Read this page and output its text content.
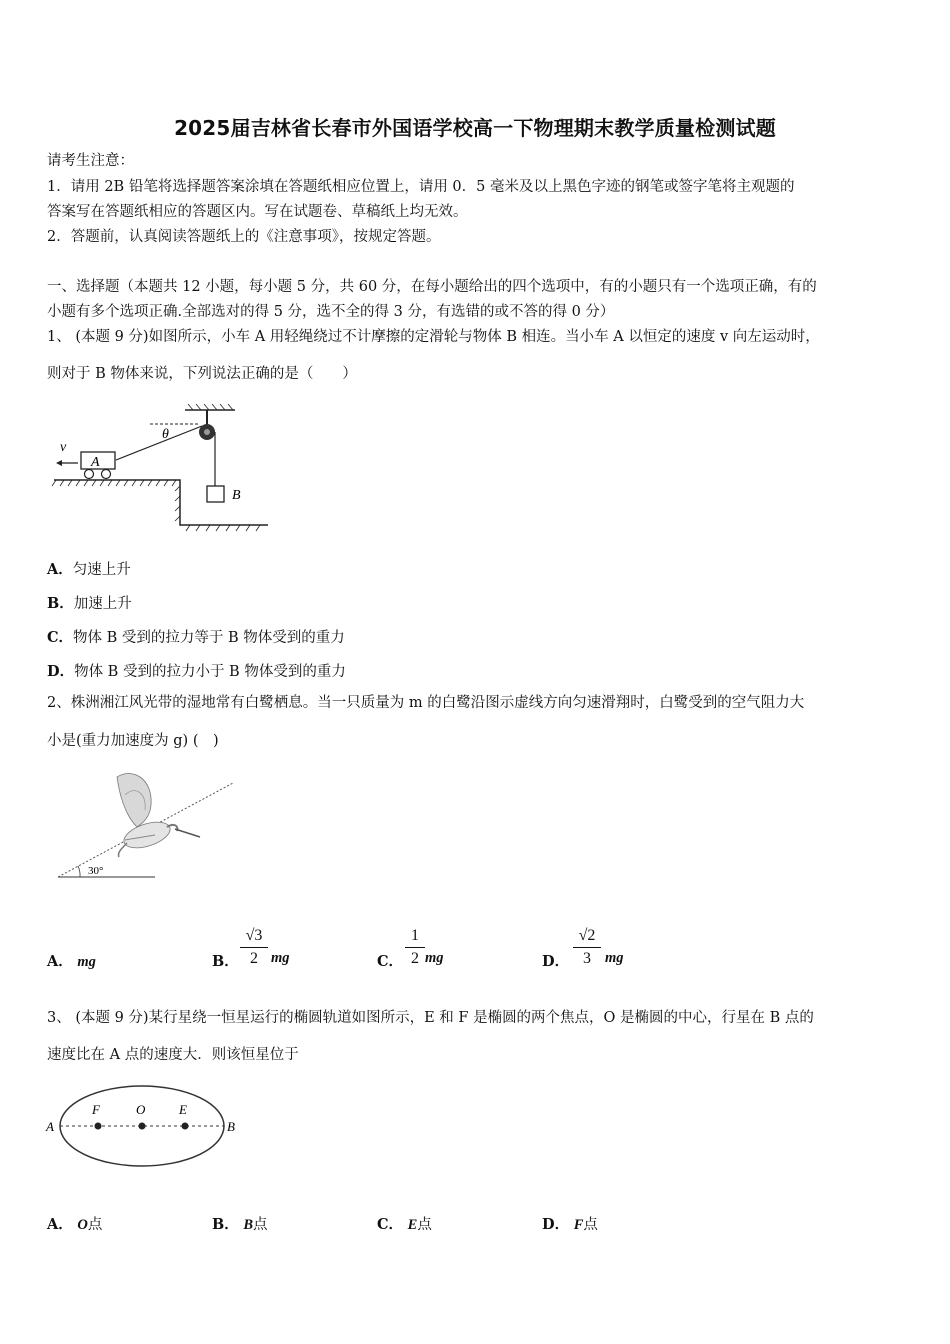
2025届吉林省长春市外国语学校高一下物理期末教学质量检测试题
请考生注意：
1．请用 2B 铅笔将选择题答案涂填在答题纸相应位置上，请用 0．5 毫米及以上黑色字迹的钢笔或签字笔将主观题的
答案写在答题纸相应的答题区内。写在试题卷、草稿纸上均无效。
2．答题前，认真阅读答题纸上的《注意事项》，按规定答题。
一、选择题（本题共 12 小题，每小题 5 分，共 60 分，在每小题给出的四个选项中，有的小题只有一个选项正确，有的
小题有多个选项正确.全部选对的得 5 分，选不全的得 3 分，有选错的或不答的得 0 分）
1、 (本题 9 分)如图所示，小车 A 用轻绳绕过不计摩擦的定滑轮与物体 B 相连。当小车 A 以恒定的速度 v 向左运动时，
则对于 B 物体来说，下列说法正确的是（　　）
θ
A
v
B
A．匀速上升
B．加速上升
C．物体 B 受到的拉力等于 B 物体受到的重力
D．物体 B 受到的拉力小于 B 物体受到的重力
2、株洲湘江风光带的湿地常有白鹭栖息。当一只质量为 m 的白鹭沿图示虚线方向匀速滑翔时，白鹭受到的空气阻力大
小是(重力加速度为 g) (　)
30°
A． mg	B． $\frac{√3}{2}$ mg	C． $\frac{1}{2}$ mg	D． $\frac{√2}{3}$ mg
3、 (本题 9 分)某行星绕一恒星运行的椭圆轨道如图所示，E 和 F 是椭圆的两个焦点，O 是椭圆的中心，行星在 B 点的
速度比在 A 点的速度大．则该恒星位于
A	B
F	O	E
A． O点	B． B点	C． E点	D． F点
